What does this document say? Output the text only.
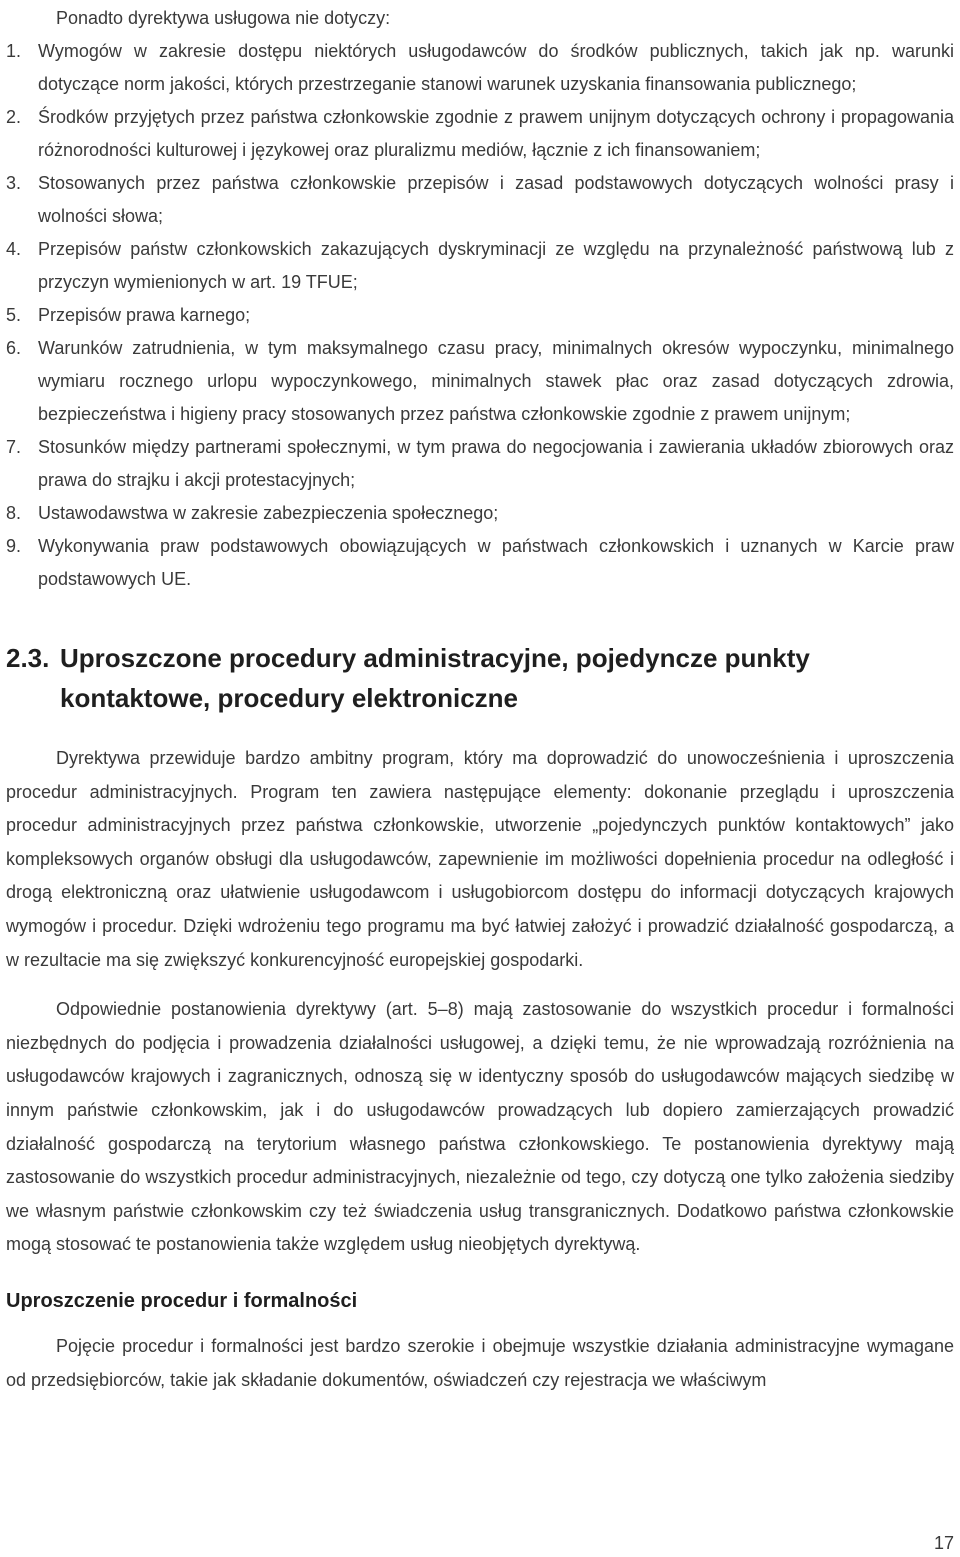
Ponadto dyrektywa usługowa nie dotyczy:

1. Wymogów w zakresie dostępu niektórych usługodawców do środków publicznych, takich jak np. warunki dotyczące norm jakości, których przestrzeganie stanowi warunek uzyskania finansowania publicznego;
2. Środków przyjętych przez państwa członkowskie zgodnie z prawem unijnym dotyczących ochrony i propagowania różnorodności kulturowej i językowej oraz pluralizmu mediów, łącznie z ich finansowaniem;
3. Stosowanych przez państwa członkowskie przepisów i zasad podstawowych dotyczących wolności prasy i wolności słowa;
4. Przepisów państw członkowskich zakazujących dyskryminacji ze względu na przynależność państwową lub z przyczyn wymienionych w art. 19 TFUE;
5. Przepisów prawa karnego;
6. Warunków zatrudnienia, w tym maksymalnego czasu pracy, minimalnych okresów wypoczynku, minimalnego wymiaru rocznego urlopu wypoczynkowego, minimalnych stawek płac oraz zasad dotyczących zdrowia, bezpieczeństwa i higieny pracy stosowanych przez państwa członkowskie zgodnie z prawem unijnym;
7. Stosunków między partnerami społecznymi, w tym prawa do negocjowania i zawierania układów zbiorowych oraz prawa do strajku i akcji protestacyjnych;
8. Ustawodawstwa w zakresie zabezpieczenia społecznego;
9. Wykonywania praw podstawowych obowiązujących w państwach członkowskich i uznanych w Karcie praw podstawowych UE.
2.3. Uproszczone procedury administracyjne, pojedyncze punkty kontaktowe, procedury elektroniczne

Dyrektywa przewiduje bardzo ambitny program, który ma doprowadzić do unowocześnienia i uproszczenia procedur administracyjnych. Program ten zawiera następujące elementy: dokonanie przeglądu i uproszczenia procedur administracyjnych przez państwa członkowskie, utworzenie „pojedynczych punktów kontaktowych” jako kompleksowych organów obsługi dla usługodawców, zapewnienie im możliwości dopełnienia procedur na odległość i drogą elektroniczną oraz ułatwienie usługodawcom i usługobiorcom dostępu do informacji dotyczących krajowych wymogów i procedur. Dzięki wdrożeniu tego programu ma być łatwiej założyć i prowadzić działalność gospodarczą, a w rezultacie ma się zwiększyć konkurencyjność europejskiej gospodarki.

Odpowiednie postanowienia dyrektywy (art. 5–8) mają zastosowanie do wszystkich procedur i formalności niezbędnych do podjęcia i prowadzenia działalności usługowej, a dzięki temu, że nie wprowadzają rozróżnienia na usługodawców krajowych i zagranicznych, odnoszą się w identyczny sposób do usługodawców mających siedzibę w innym państwie członkowskim, jak i do usługodawców prowadzących lub dopiero zamierzających prowadzić działalność gospodarczą na terytorium własnego państwa członkowskiego. Te postanowienia dyrektywy mają zastosowanie do wszystkich procedur administracyjnych, niezależnie od tego, czy dotyczą one tylko założenia siedziby we własnym państwie członkowskim czy też świadczenia usług transgranicznych. Dodatkowo państwa członkowskie mogą stosować te postanowienia także względem usług nieobjętych dyrektywą.

Uproszczenie procedur i formalności

Pojęcie procedur i formalności jest bardzo szerokie i obejmuje wszystkie działania administracyjne wymagane od przedsiębiorców, takie jak składanie dokumentów, oświadczeń czy rejestracja we właściwym

17
